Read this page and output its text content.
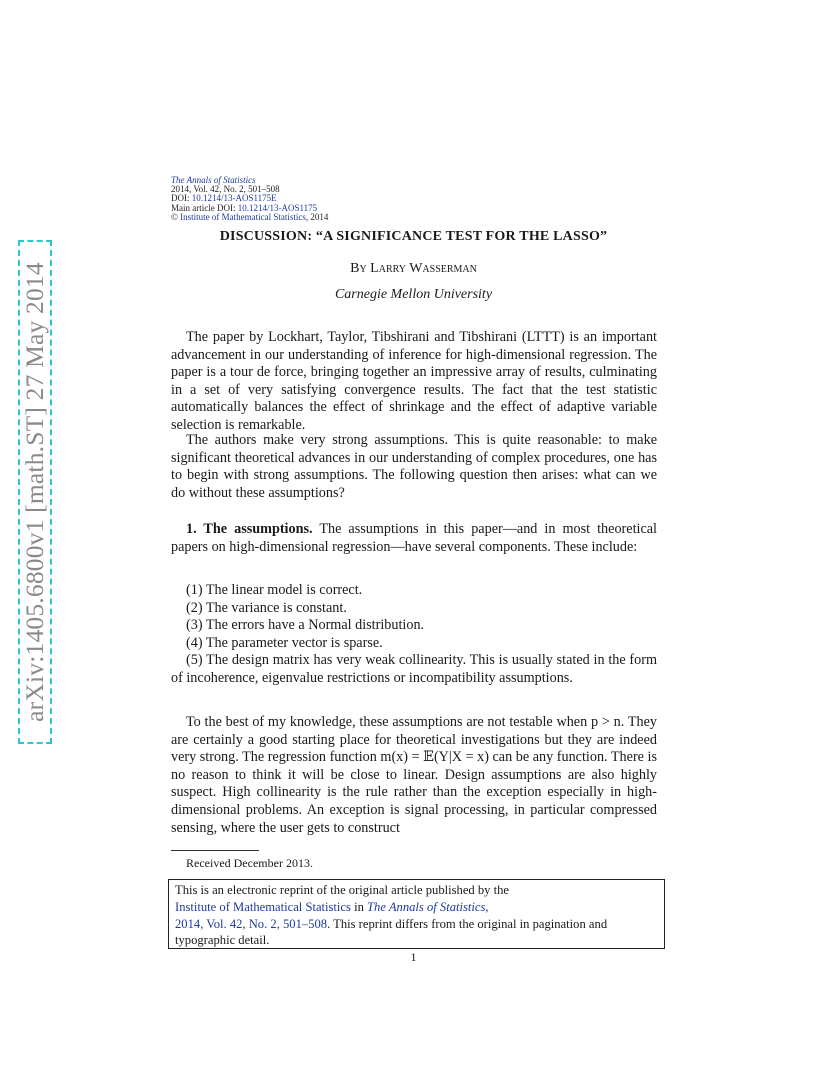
arXiv:1405.6800v1 [math.ST] 27 May 2014
The Annals of Statistics
2014, Vol. 42, No. 2, 501–508
DOI: 10.1214/13-AOS1175E
Main article DOI: 10.1214/13-AOS1175
© Institute of Mathematical Statistics, 2014
DISCUSSION: “A SIGNIFICANCE TEST FOR THE LASSO”
By Larry Wasserman
Carnegie Mellon University

The paper by Lockhart, Taylor, Tibshirani and Tibshirani (LTTT) is an important advancement in our understanding of inference for high-dimensional regression. The paper is a tour de force, bringing together an impressive array of results, culminating in a set of very satisfying convergence results. The fact that the test statistic automatically balances the effect of shrinkage and the effect of adaptive variable selection is remarkable.

The authors make very strong assumptions. This is quite reasonable: to make significant theoretical advances in our understanding of complex procedures, one has to begin with strong assumptions. The following question then arises: what can we do without these assumptions?

1. The assumptions. The assumptions in this paper—and in most theoretical papers on high-dimensional regression—have several components. These include:

(1) The linear model is correct.
(2) The variance is constant.
(3) The errors have a Normal distribution.
(4) The parameter vector is sparse.
(5) The design matrix has very weak collinearity. This is usually stated in the form of incoherence, eigenvalue restrictions or incompatibility assumptions.

To the best of my knowledge, these assumptions are not testable when p > n. They are certainly a good starting place for theoretical investigations but they are indeed very strong. The regression function m(x) = 𝔼(Y|X = x) can be any function. There is no reason to think it will be close to linear. Design assumptions are also highly suspect. High collinearity is the rule rather than the exception especially in high-dimensional problems. An exception is signal processing, in particular compressed sensing, where the user gets to construct

Received December 2013.
This is an electronic reprint of the original article published by the
Institute of Mathematical Statistics in The Annals of Statistics,
2014, Vol. 42, No. 2, 501–508. This reprint differs from the original in pagination and typographic detail.
1
